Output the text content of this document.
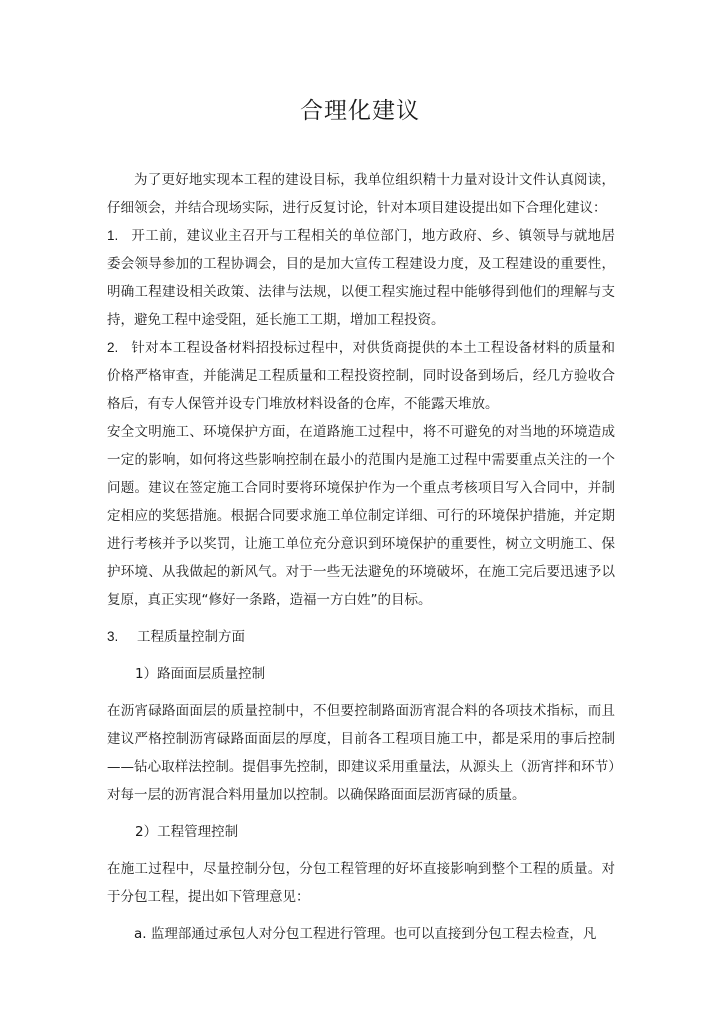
合理化建议

为了更好地实现本工程的建设目标，我单位组织精十力量对设计文件认真阅读，仔细领会，并结合现场实际，进行反复讨论，针对本项目建设提出如下合理化建议：

1. 开工前，建议业主召开与工程相关的单位部门，地方政府、乡、镇领导与就地居委会领导参加的工程协调会，目的是加大宣传工程建设力度，及工程建设的重要性，明确工程建设相关政策、法律与法规，以便工程实施过程中能够得到他们的理解与支持，避免工程中途受阻，延长施工工期，增加工程投资。

2. 针对本工程设备材料招投标过程中，对供货商提供的本土工程设备材料的质量和价格严格审查，并能满足工程质量和工程投资控制，同时设备到场后，经几方验收合格后，有专人保管并设专门堆放材料设备的仓库，不能露天堆放。

安全文明施工、环境保护方面，在道路施工过程中，将不可避免的对当地的环境造成一定的影响，如何将这些影响控制在最小的范围内是施工过程中需要重点关注的一个问题。建议在签定施工合同时要将环境保护作为一个重点考核项目写入合同中，并制定相应的奖惩措施。根据合同要求施工单位制定详细、可行的环境保护措施，并定期进行考核并予以奖罚，让施工单位充分意识到环境保护的重要性，树立文明施工、保护环境、从我做起的新风气。对于一些无法避免的环境破坏，在施工完后要迅速予以复原，真正实现“修好一条路，造福一方白姓”的目标。

3. 工程质量控制方面

1）路面面层质量控制

在沥宵碌路面面层的质量控制中，不但要控制路面沥宵混合料的各项技术指标，而且建议严格控制沥宵碌路面面层的厚度，目前各工程项目施工中，都是采用的事后控制——钻心取样法控制。提倡事先控制，即建议采用重量法，从源头上（沥宵拌和环节）对每一层的沥宵混合料用量加以控制。以确保路面面层沥宵碌的质量。

2）工程管理控制

在施工过程中，尽量控制分包，分包工程管理的好坏直接影响到整个工程的质量。对于分包工程，提出如下管理意见：

a. 监理部通过承包人对分包工程进行管理。也可以直接到分包工程去检查，凡
